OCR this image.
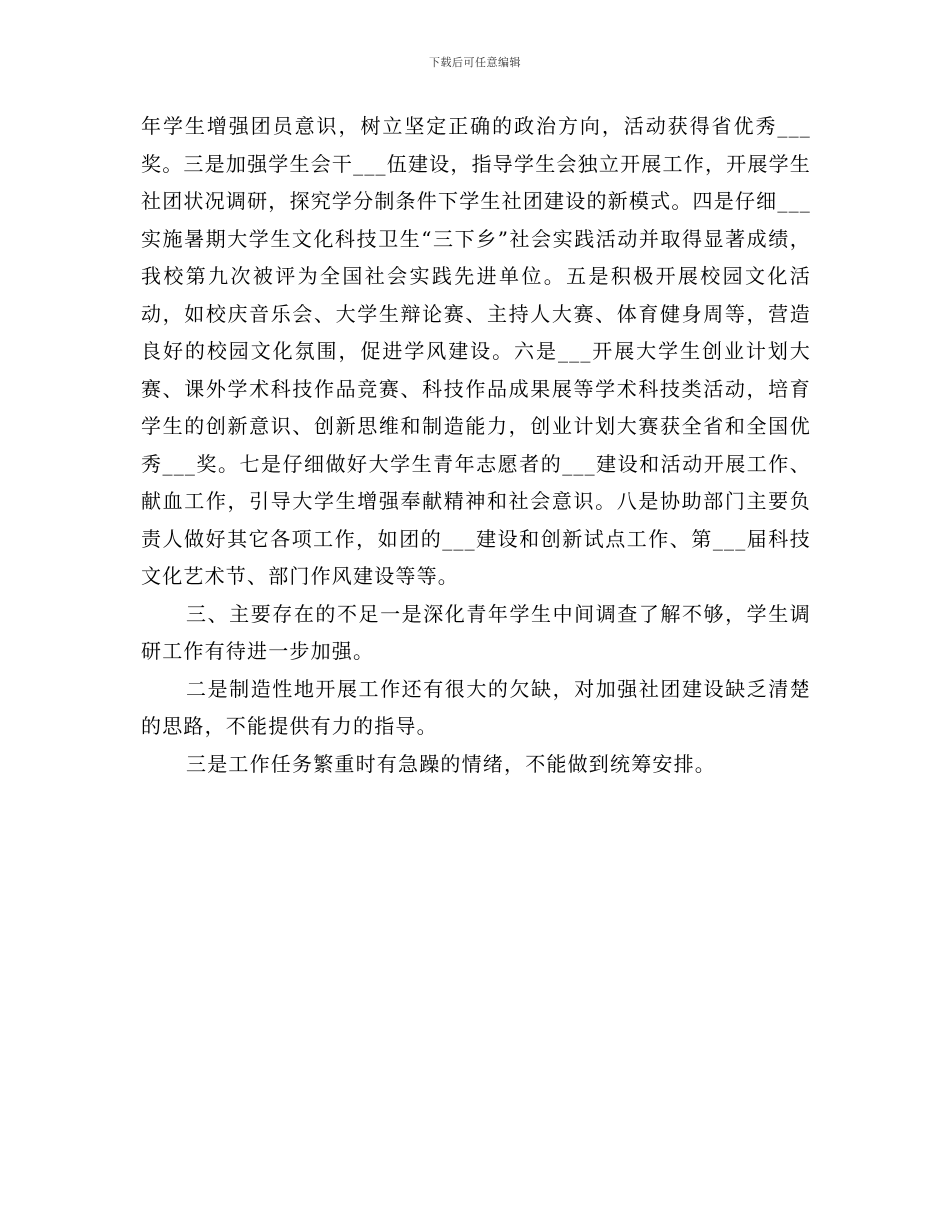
下载后可任意编辑

年学生增强团员意识，树立坚定正确的政治方向，活动获得省优秀___奖。三是加强学生会干___伍建设，指导学生会独立开展工作，开展学生社团状况调研，探究学分制条件下学生社团建设的新模式。四是仔细___实施暑期大学生文化科技卫生“三下乡”社会实践活动并取得显著成绩，我校第九次被评为全国社会实践先进单位。五是积极开展校园文化活动，如校庆音乐会、大学生辩论赛、主持人大赛、体育健身周等，营造良好的校园文化氛围，促进学风建设。六是___开展大学生创业计划大赛、课外学术科技作品竞赛、科技作品成果展等学术科技类活动，培育学生的创新意识、创新思维和制造能力，创业计划大赛获全省和全国优秀___奖。七是仔细做好大学生青年志愿者的___建设和活动开展工作、献血工作，引导大学生增强奉献精神和社会意识。八是协助部门主要负责人做好其它各项工作，如团的___建设和创新试点工作、第___届科技文化艺术节、部门作风建设等等。

三、主要存在的不足一是深化青年学生中间调查了解不够，学生调研工作有待进一步加强。

二是制造性地开展工作还有很大的欠缺，对加强社团建设缺乏清楚的思路，不能提供有力的指导。

三是工作任务繁重时有急躁的情绪，不能做到统筹安排。
